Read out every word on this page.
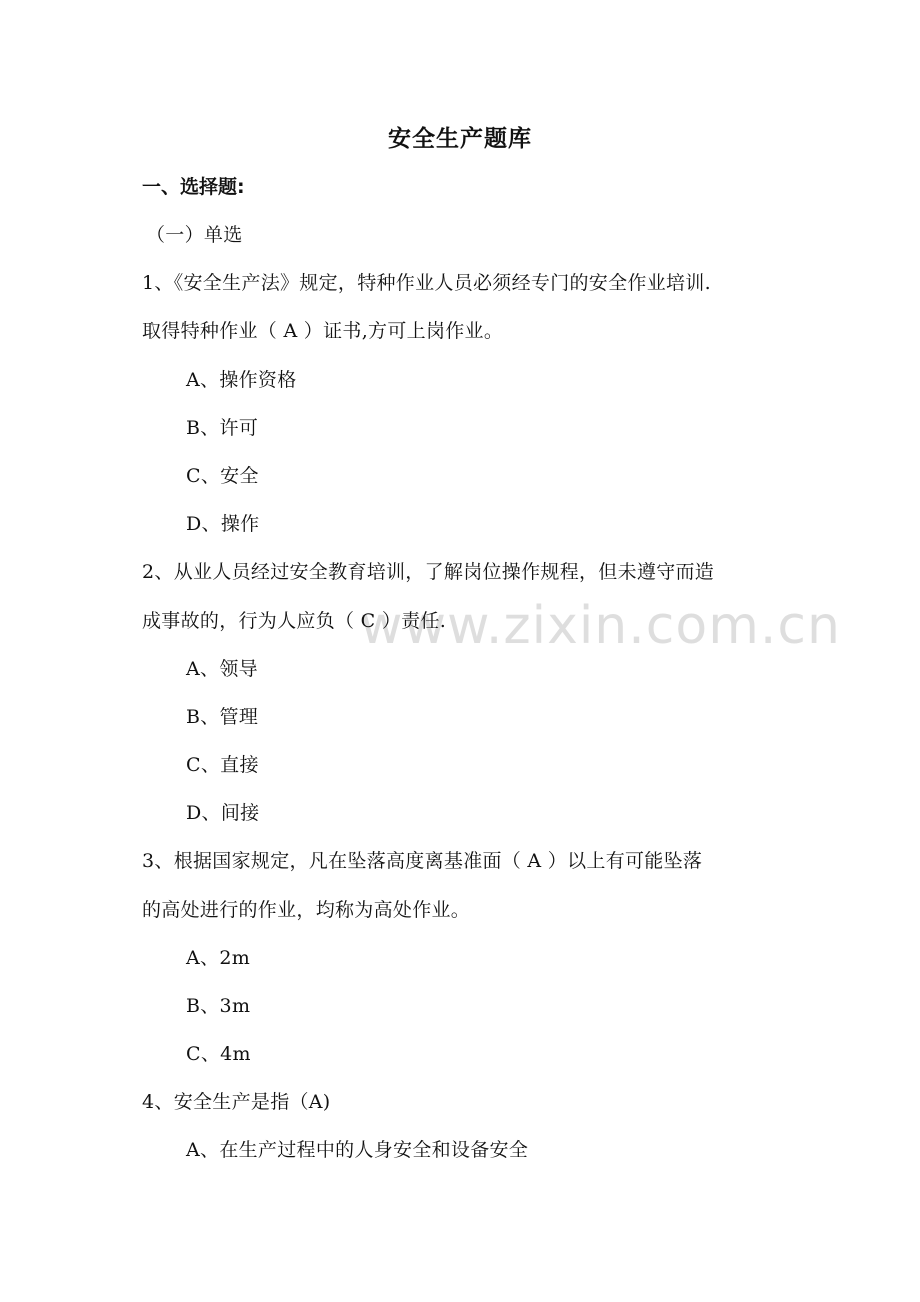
www.zixin.com.cn
安全生产题库
一、选择题:
（一）单选
1、《安全生产法》规定，特种作业人员必须经专门的安全作业培训.
取得特种作业（ A ）证书,方可上岗作业。
A、操作资格
B、许可
C、安全
D、操作
2、从业人员经过安全教育培训，了解岗位操作规程，但未遵守而造
成事故的，行为人应负（ C ）责任.
A、领导
B、管理
C、直接
D、间接
3、根据国家规定，凡在坠落高度离基准面（ A ）以上有可能坠落
的高处进行的作业，均称为高处作业。
A、2m
B、3m
C、4m
4、安全生产是指（A)
A、在生产过程中的人身安全和设备安全
